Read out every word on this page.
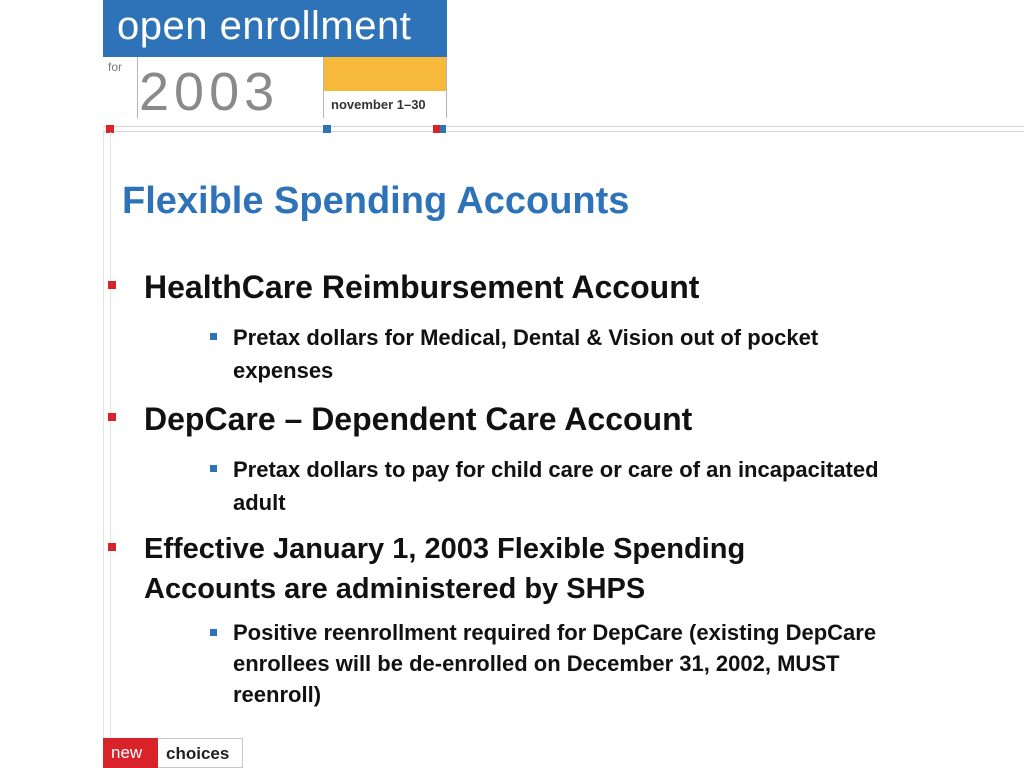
open enrollment
for 2003	november 1–30
Flexible Spending Accounts
HealthCare Reimbursement Account
Pretax dollars for Medical, Dental & Vision out of pocket expenses
DepCare – Dependent Care Account
Pretax dollars to pay for child care or care of an incapacitated adult
Effective January 1, 2003 Flexible Spending Accounts are administered by SHPS
Positive reenrollment required for DepCare (existing DepCare enrollees will be de-enrolled on December 31, 2002, MUST reenroll)
new	choices
